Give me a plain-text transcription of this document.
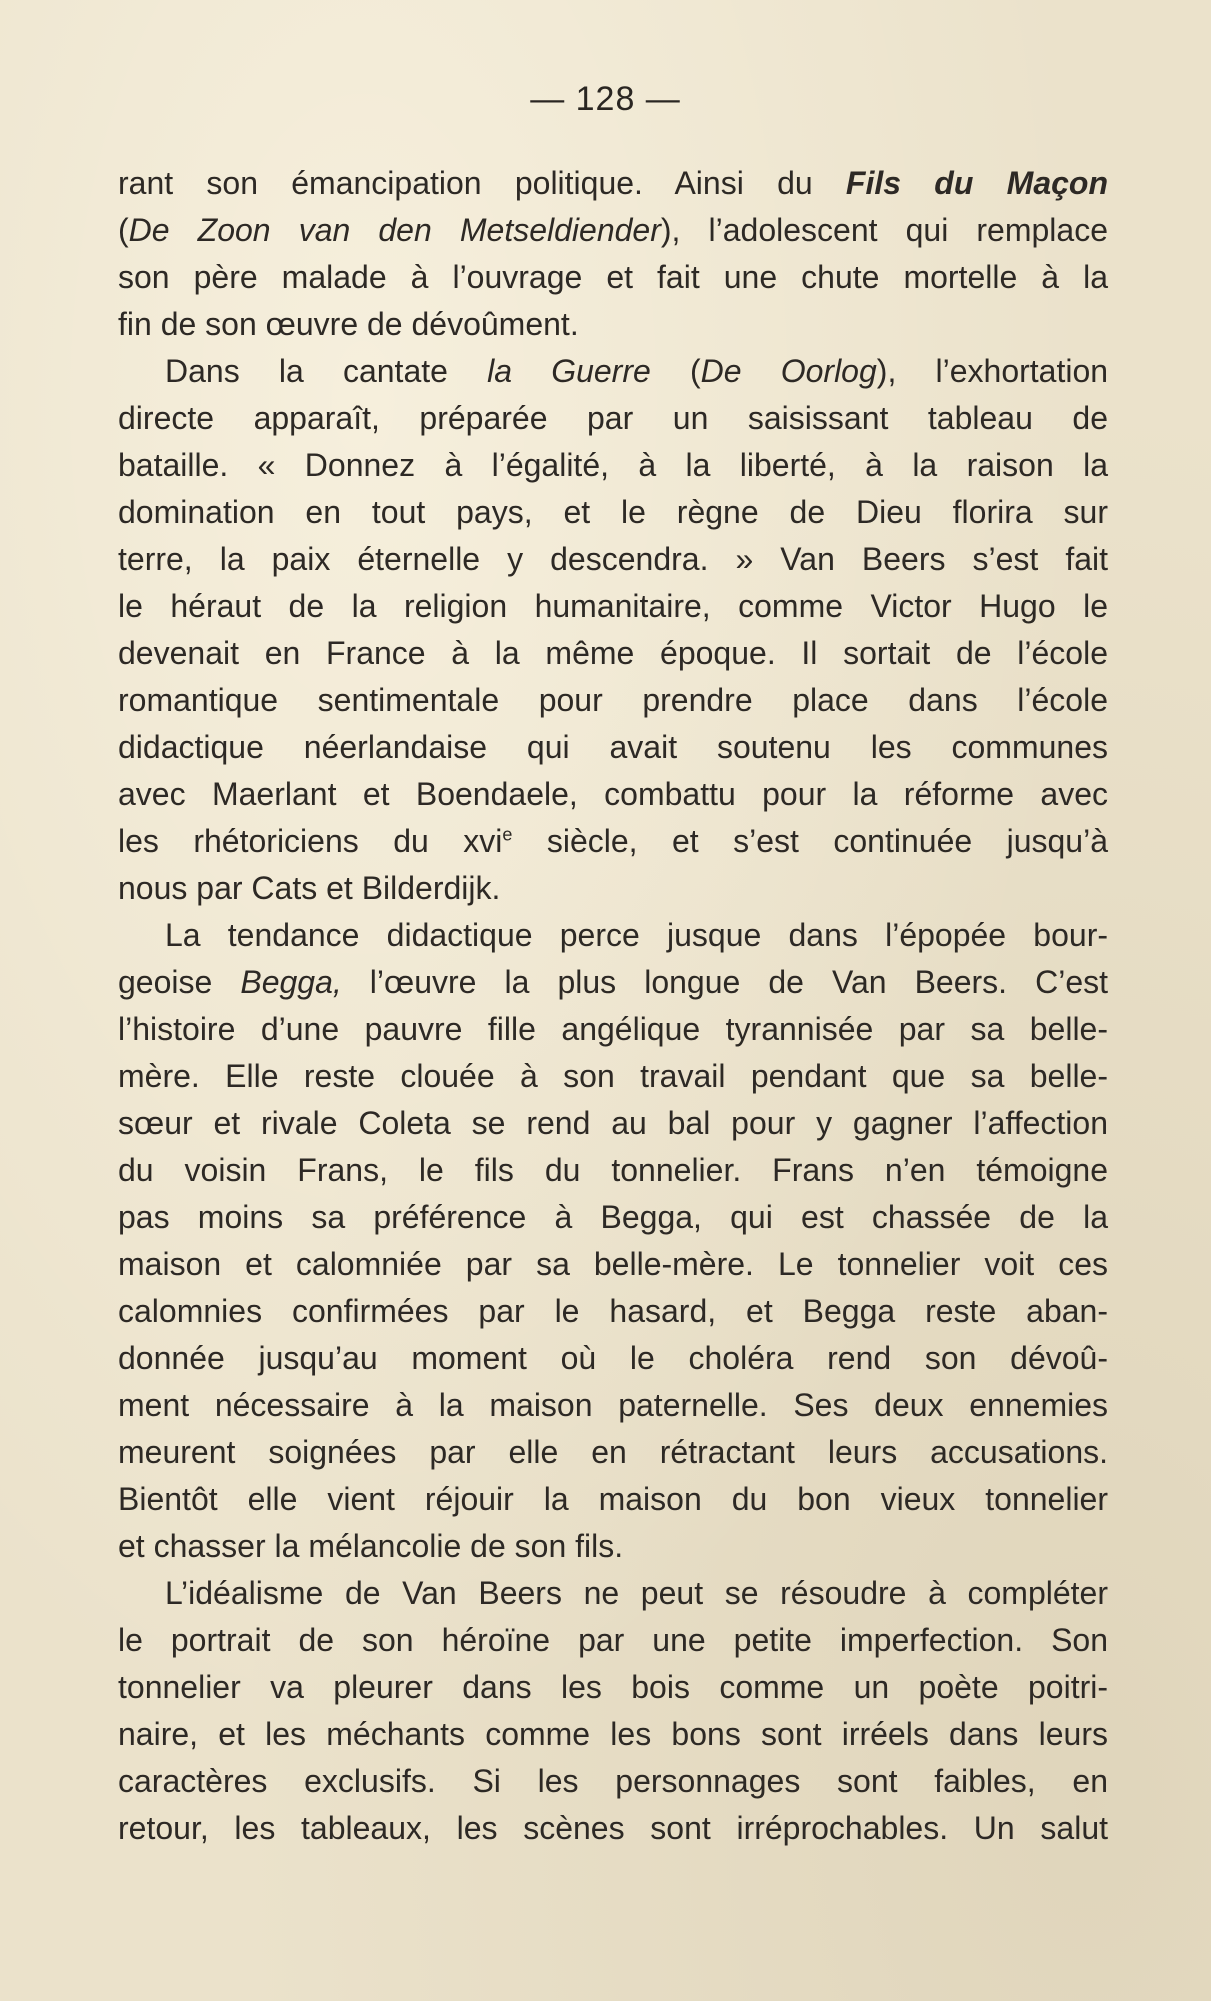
— 128 —
rant son émancipation politique. Ainsi du Fils du Maçon
(De Zoon van den Metseldiender), l’adolescent qui remplace
son père malade à l’ouvrage et fait une chute mortelle à la
fin de son œuvre de dévoûment.
Dans la cantate la Guerre (De Oorlog), l’exhortation
directe apparaît, préparée par un saisissant tableau de
bataille. « Donnez à l’égalité, à la liberté, à la raison la
domination en tout pays, et le règne de Dieu florira sur
terre, la paix éternelle y descendra. » Van Beers s’est fait
le héraut de la religion humanitaire, comme Victor Hugo le
devenait en France à la même époque. Il sortait de l’école
romantique sentimentale pour prendre place dans l’école
didactique néerlandaise qui avait soutenu les communes
avec Maerlant et Boendaele, combattu pour la réforme avec
les rhétoriciens du xvi$^e$ siècle, et s’est continuée jusqu’à
nous par Cats et Bilderdijk.
La tendance didactique perce jusque dans l’épopée bour-
geoise Begga, l’œuvre la plus longue de Van Beers. C’est
l’histoire d’une pauvre fille angélique tyrannisée par sa belle-
mère. Elle reste clouée à son travail pendant que sa belle-
sœur et rivale Coleta se rend au bal pour y gagner l’affection
du voisin Frans, le fils du tonnelier. Frans n’en témoigne
pas moins sa préférence à Begga, qui est chassée de la
maison et calomniée par sa belle-mère. Le tonnelier voit ces
calomnies confirmées par le hasard, et Begga reste aban-
donnée jusqu’au moment où le choléra rend son dévoû-
ment nécessaire à la maison paternelle. Ses deux ennemies
meurent soignées par elle en rétractant leurs accusations.
Bientôt elle vient réjouir la maison du bon vieux tonnelier
et chasser la mélancolie de son fils.
L’idéalisme de Van Beers ne peut se résoudre à compléter
le portrait de son héroïne par une petite imperfection. Son
tonnelier va pleurer dans les bois comme un poète poitri-
naire, et les méchants comme les bons sont irréels dans leurs
caractères exclusifs. Si les personnages sont faibles, en
retour, les tableaux, les scènes sont irréprochables. Un salut
